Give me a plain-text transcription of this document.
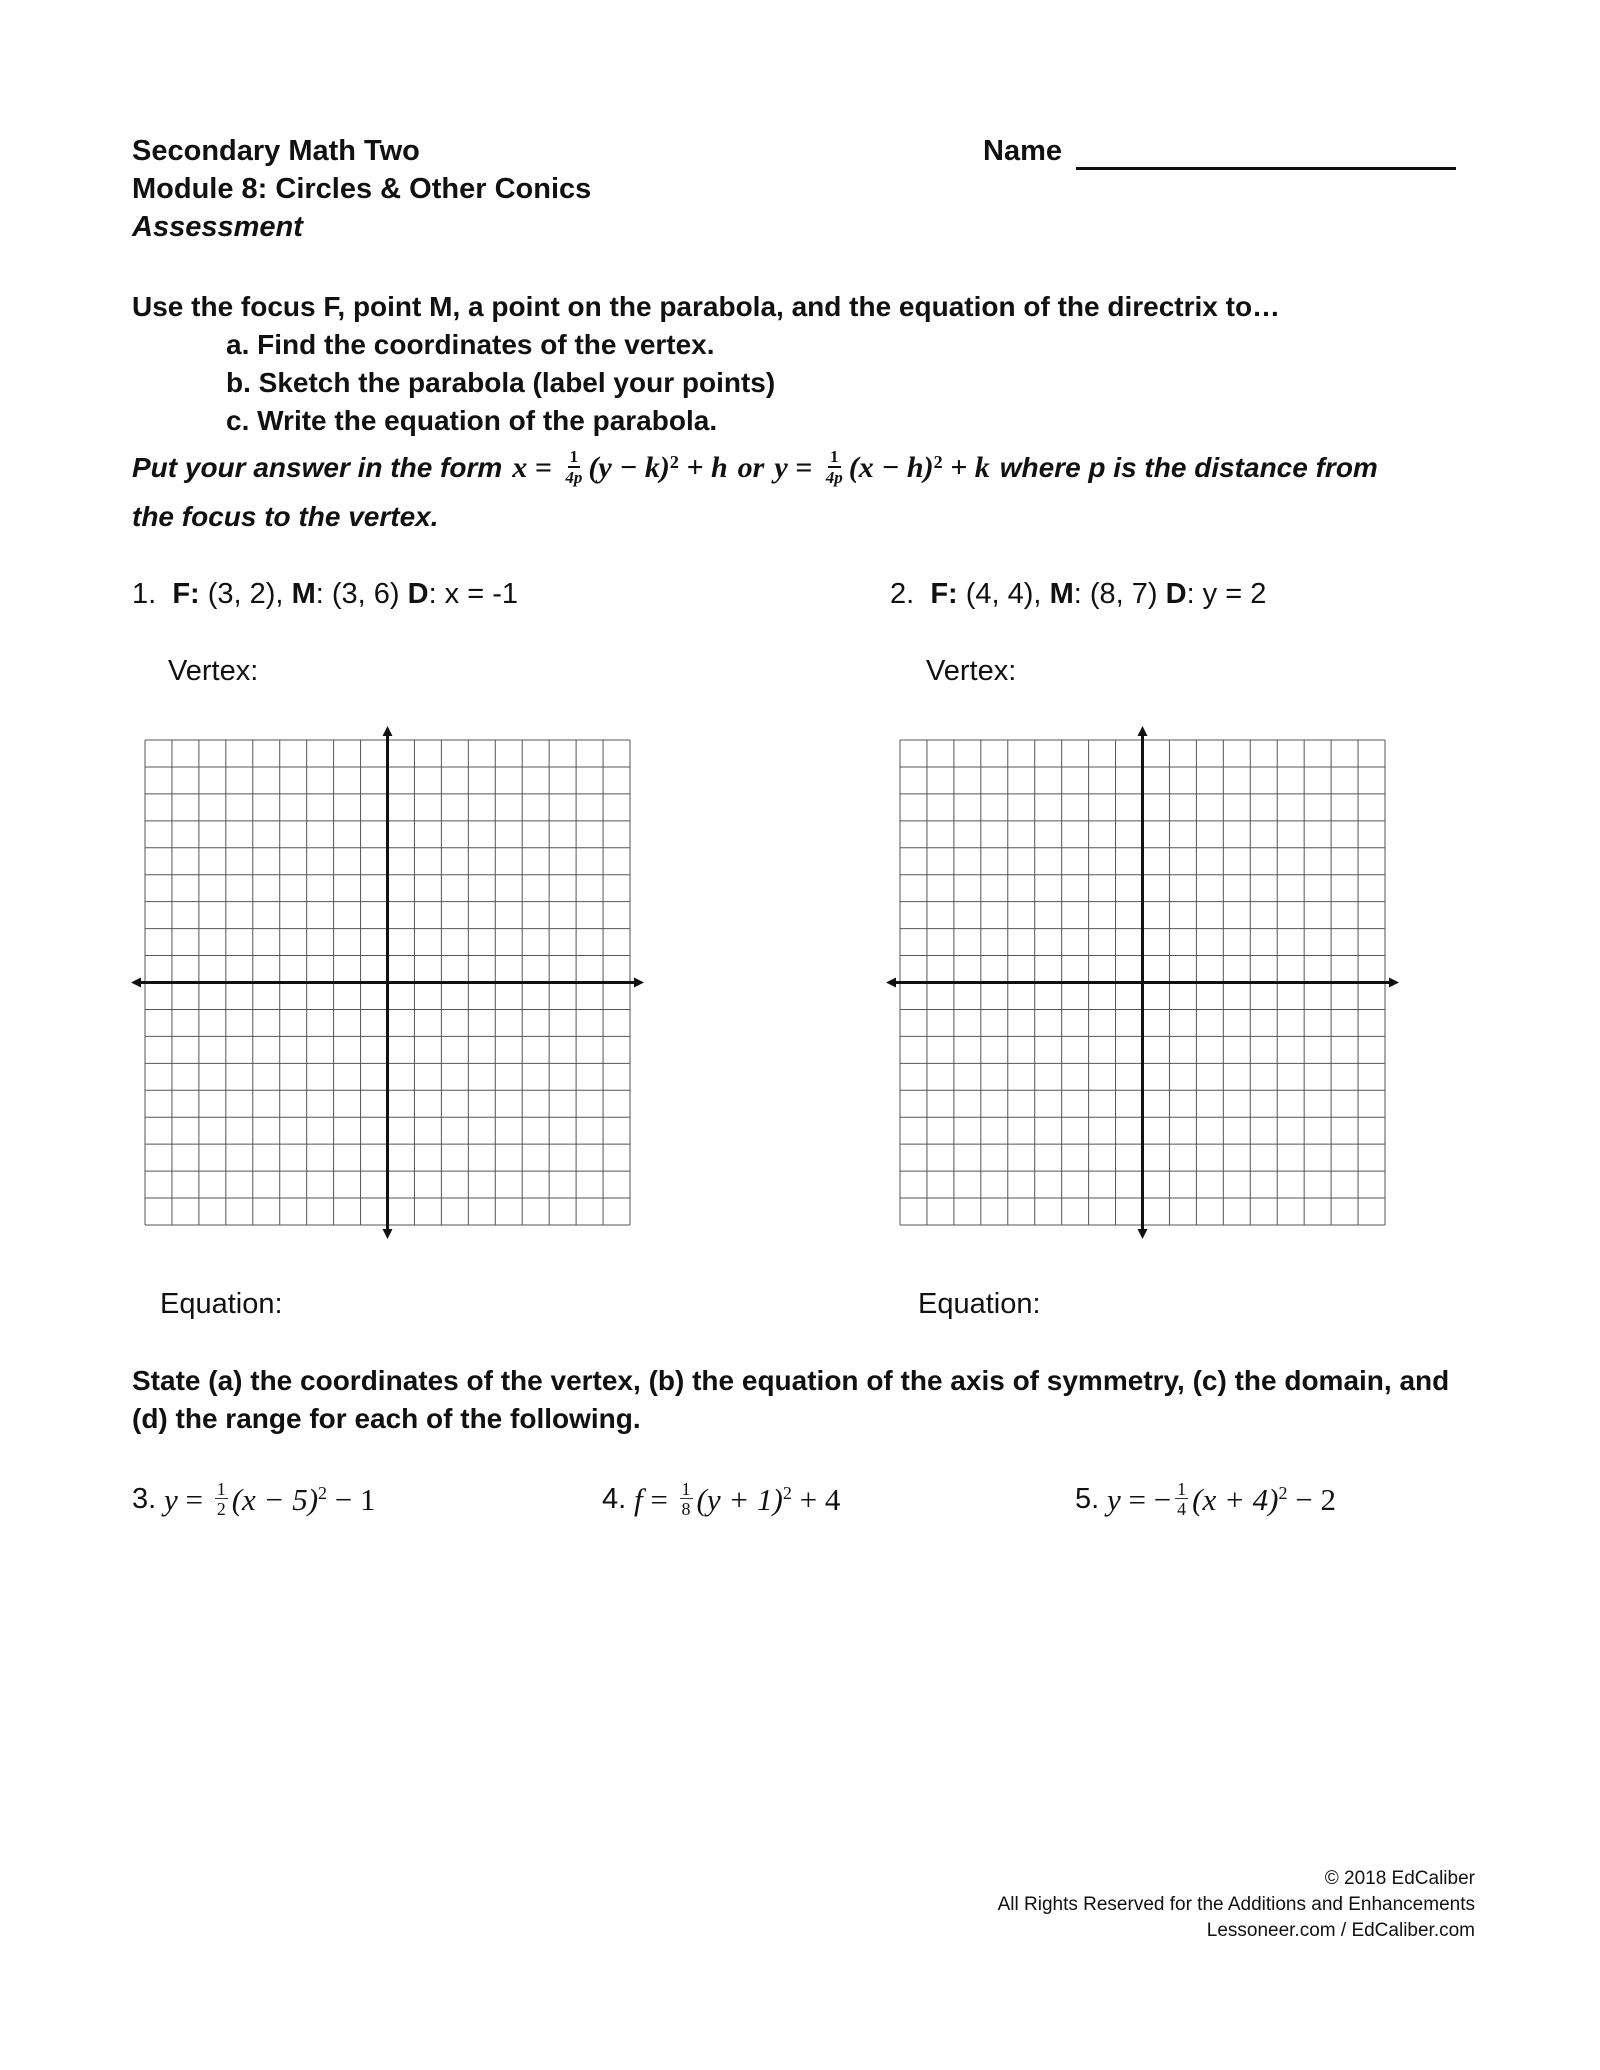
Secondary Math Two
Module 8: Circles & Other Conics
Assessment
Name
Use the focus F, point M, a point on the parabola, and the equation of the directrix to…
a. Find the coordinates of the vertex.
b. Sketch the parabola (label your points)
c. Write the equation of the parabola.
Put your answer in the form $x = \frac{1}{4p} (y - k) 2 + h$ or $y = \frac{1}{4p} (x - h) 2 + k$ where p is the distance from
the focus to the vertex.
1. F: (3, 2), M: (3, 6) D: x = -1
Vertex:
Equation:
2. F: (4, 4), M: (8, 7) D: y = 2
Vertex:
Equation:
State (a) the coordinates of the vertex, (b) the equation of the axis of symmetry, (c) the domain, and
(d) the range for each of the following.
3.
$y = \frac{1}{2} (x - 5)$ 2
− 1	4.
$f = \frac{1}{8} (y + 1)$ 2
+ 4	5.
y = − $\frac{1}{4} (x + 4)$ 2
− 2
© 2018 EdCaliber
All Rights Reserved for the Additions and Enhancements
Lessoneer.com / EdCaliber.com
